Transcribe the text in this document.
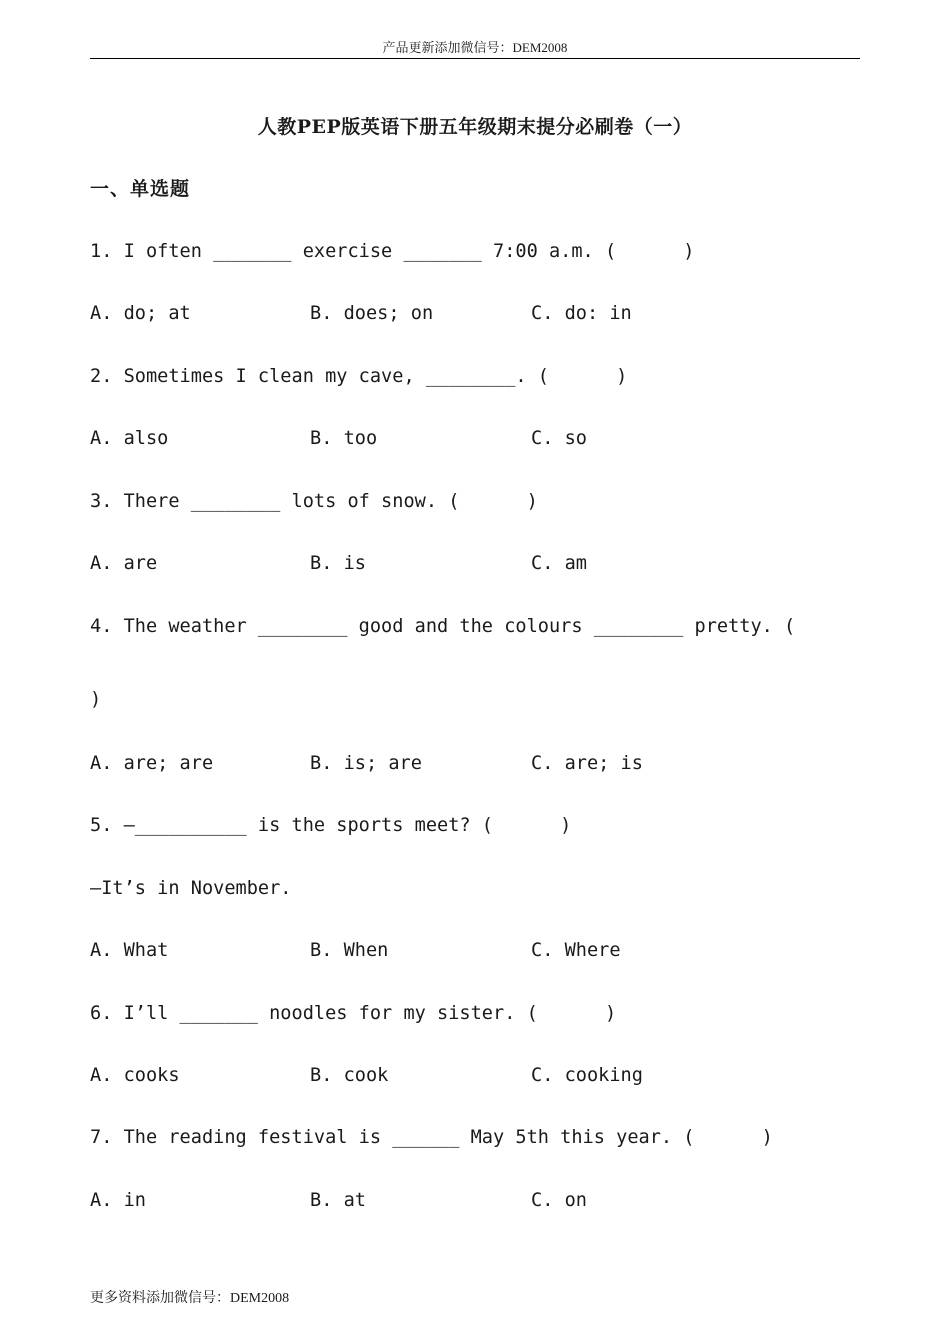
产品更新添加微信号：DEM2008
人教PEP版英语下册五年级期末提分必刷卷（一）
一、单选题
1. I often _______ exercise _______ 7:00 a.m. (      )
A. do; at	B. does; on	C. do: in
2. Sometimes I clean my cave, ________. (      )
A. also	B. too	C. so
3. There ________ lots of snow. (      )
A. are	B. is	C. am
4. The weather ________ good and the colours ________ pretty. (
)
A. are; are	B. is; are	C. are; is
5. —__________ is the sports meet? (      )
—It’s in November.
A. What	B. When	C. Where
6. I’ll _______ noodles for my sister. (      )
A. cooks	B. cook	C. cooking
7. The reading festival is ______ May 5th this year. (      )
A. in	B. at	C. on
更多资料添加微信号：DEM2008
